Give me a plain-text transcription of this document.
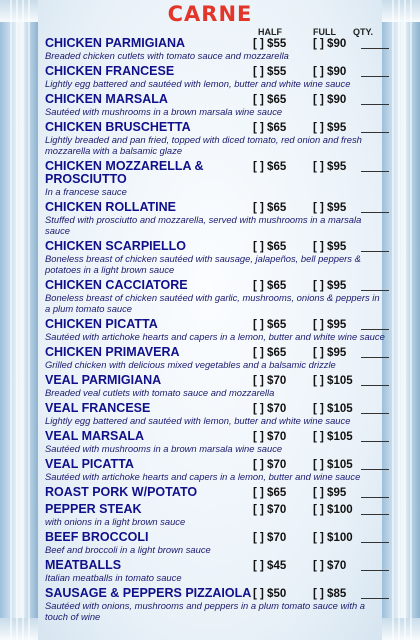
CARNE
HALF	FULL QTY.
CHICKEN PARMIGIANA
Breaded chicken cutlets with tomato sauce and mozzarella
[ ] $55 [ ] $90
CHICKEN FRANCESE
Lightly egg battered and sautéed with lemon, butter and white wine sauce
[ ] $55 [ ] $90
CHICKEN MARSALA
Sautéed with mushrooms in a brown marsala wine sauce
[ ] $65 [ ] $90
CHICKEN BRUSCHETTA
Lightly breaded and pan fried, topped with diced tomato, red onion and fresh mozzarella with a balsamic glaze
[ ] $65 [ ] $95
CHICKEN MOZZARELLA & PROSCIUTTO
In a francese sauce
[ ] $65 [ ] $95
CHICKEN ROLLATINE
Stuffed with prosciutto and mozzarella, served with mushrooms in a marsala sauce
[ ] $65 [ ] $95
CHICKEN SCARPIELLO
Boneless breast of chicken sautéed with sausage, jalapeños, bell peppers & potatoes in a light brown sauce
[ ] $65 [ ] $95
CHICKEN CACCIATORE
Boneless breast of chicken sautéed with garlic, mushrooms, onions & peppers in a plum tomato sauce
[ ] $65 [ ] $95
CHICKEN PICATTA
Sautéed with artichoke hearts and capers in a lemon, butter and white wine sauce
[ ] $65 [ ] $95
CHICKEN PRIMAVERA
Grilled chicken with delicious mixed vegetables and a balsamic drizzle
[ ] $65 [ ] $95
VEAL PARMIGIANA
Breaded veal cutlets with tomato sauce and mozzarella
[ ] $70 [ ] $105
VEAL FRANCESE
Lightly egg battered and sautéed with lemon, butter and white wine sauce
[ ] $70 [ ] $105
VEAL MARSALA
Sautéed with mushrooms in a brown marsala wine sauce
[ ] $70 [ ] $105
VEAL PICATTA
Sautéed with artichoke hearts and capers in a lemon, butter and wine sauce
[ ] $70 [ ] $105
ROAST PORK W/POTATO	[ ] $65 [ ] $95
PEPPER STEAK
with onions in a light brown sauce
[ ] $70 [ ] $100
BEEF BROCCOLI
Beef and broccoli in a light brown sauce
[ ] $70 [ ] $100
MEATBALLS
Italian meatballs in tomato sauce
[ ] $45 [ ] $70
SAUSAGE & PEPPERS PIZZAIOLA
Sautéed with onions, mushrooms and peppers in a plum tomato sauce with a touch of wine
[ ] $50 [ ] $85
